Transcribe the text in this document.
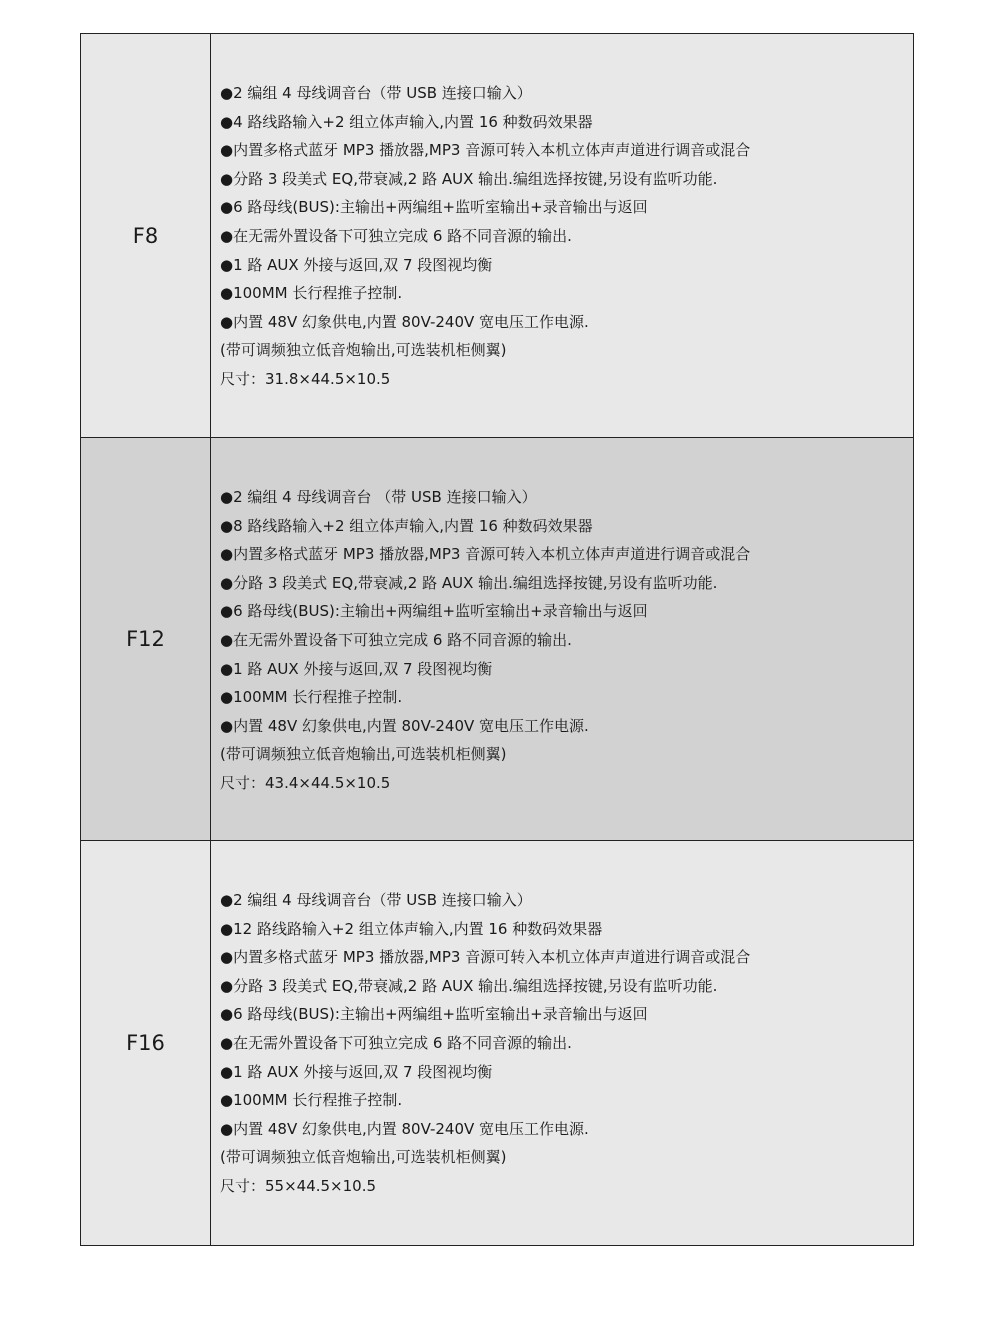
F8
●2 编组 4 母线调音台（带 USB 连接口输入）
●4 路线路输入+2 组立体声输入,内置 16 种数码效果器
●内置多格式蓝牙 MP3 播放器,MP3 音源可转入本机立体声声道进行调音或混合
●分路 3 段美式 EQ,带衰减,2 路 AUX 输出.编组选择按键,另设有监听功能.
●6 路母线(BUS):主输出+两编组+监听室输出+录音输出与返回
●在无需外置设备下可独立完成 6 路不同音源的输出.
●1 路 AUX 外接与返回,双 7 段图视均衡
●100MM 长行程推子控制.
●内置 48V 幻象供电,内置 80V-240V 宽电压工作电源.
(带可调频独立低音炮输出,可选装机柜侧翼)
尺寸：31.8×44.5×10.5
F12
●2 编组 4 母线调音台 （带 USB 连接口输入）
●8 路线路输入+2 组立体声输入,内置 16 种数码效果器
●内置多格式蓝牙 MP3 播放器,MP3 音源可转入本机立体声声道进行调音或混合
●分路 3 段美式 EQ,带衰减,2 路 AUX 输出.编组选择按键,另设有监听功能.
●6 路母线(BUS):主输出+两编组+监听室输出+录音输出与返回
●在无需外置设备下可独立完成 6 路不同音源的输出.
●1 路 AUX 外接与返回,双 7 段图视均衡
●100MM 长行程推子控制.
●内置 48V 幻象供电,内置 80V-240V 宽电压工作电源.
(带可调频独立低音炮输出,可选装机柜侧翼)
尺寸：43.4×44.5×10.5
F16
●2 编组 4 母线调音台（带 USB 连接口输入）
●12 路线路输入+2 组立体声输入,内置 16 种数码效果器
●内置多格式蓝牙 MP3 播放器,MP3 音源可转入本机立体声声道进行调音或混合
●分路 3 段美式 EQ,带衰减,2 路 AUX 输出.编组选择按键,另设有监听功能.
●6 路母线(BUS):主输出+两编组+监听室输出+录音输出与返回
●在无需外置设备下可独立完成 6 路不同音源的输出.
●1 路 AUX 外接与返回,双 7 段图视均衡
●100MM 长行程推子控制.
●内置 48V 幻象供电,内置 80V-240V 宽电压工作电源.
(带可调频独立低音炮输出,可选装机柜侧翼)
尺寸：55×44.5×10.5
